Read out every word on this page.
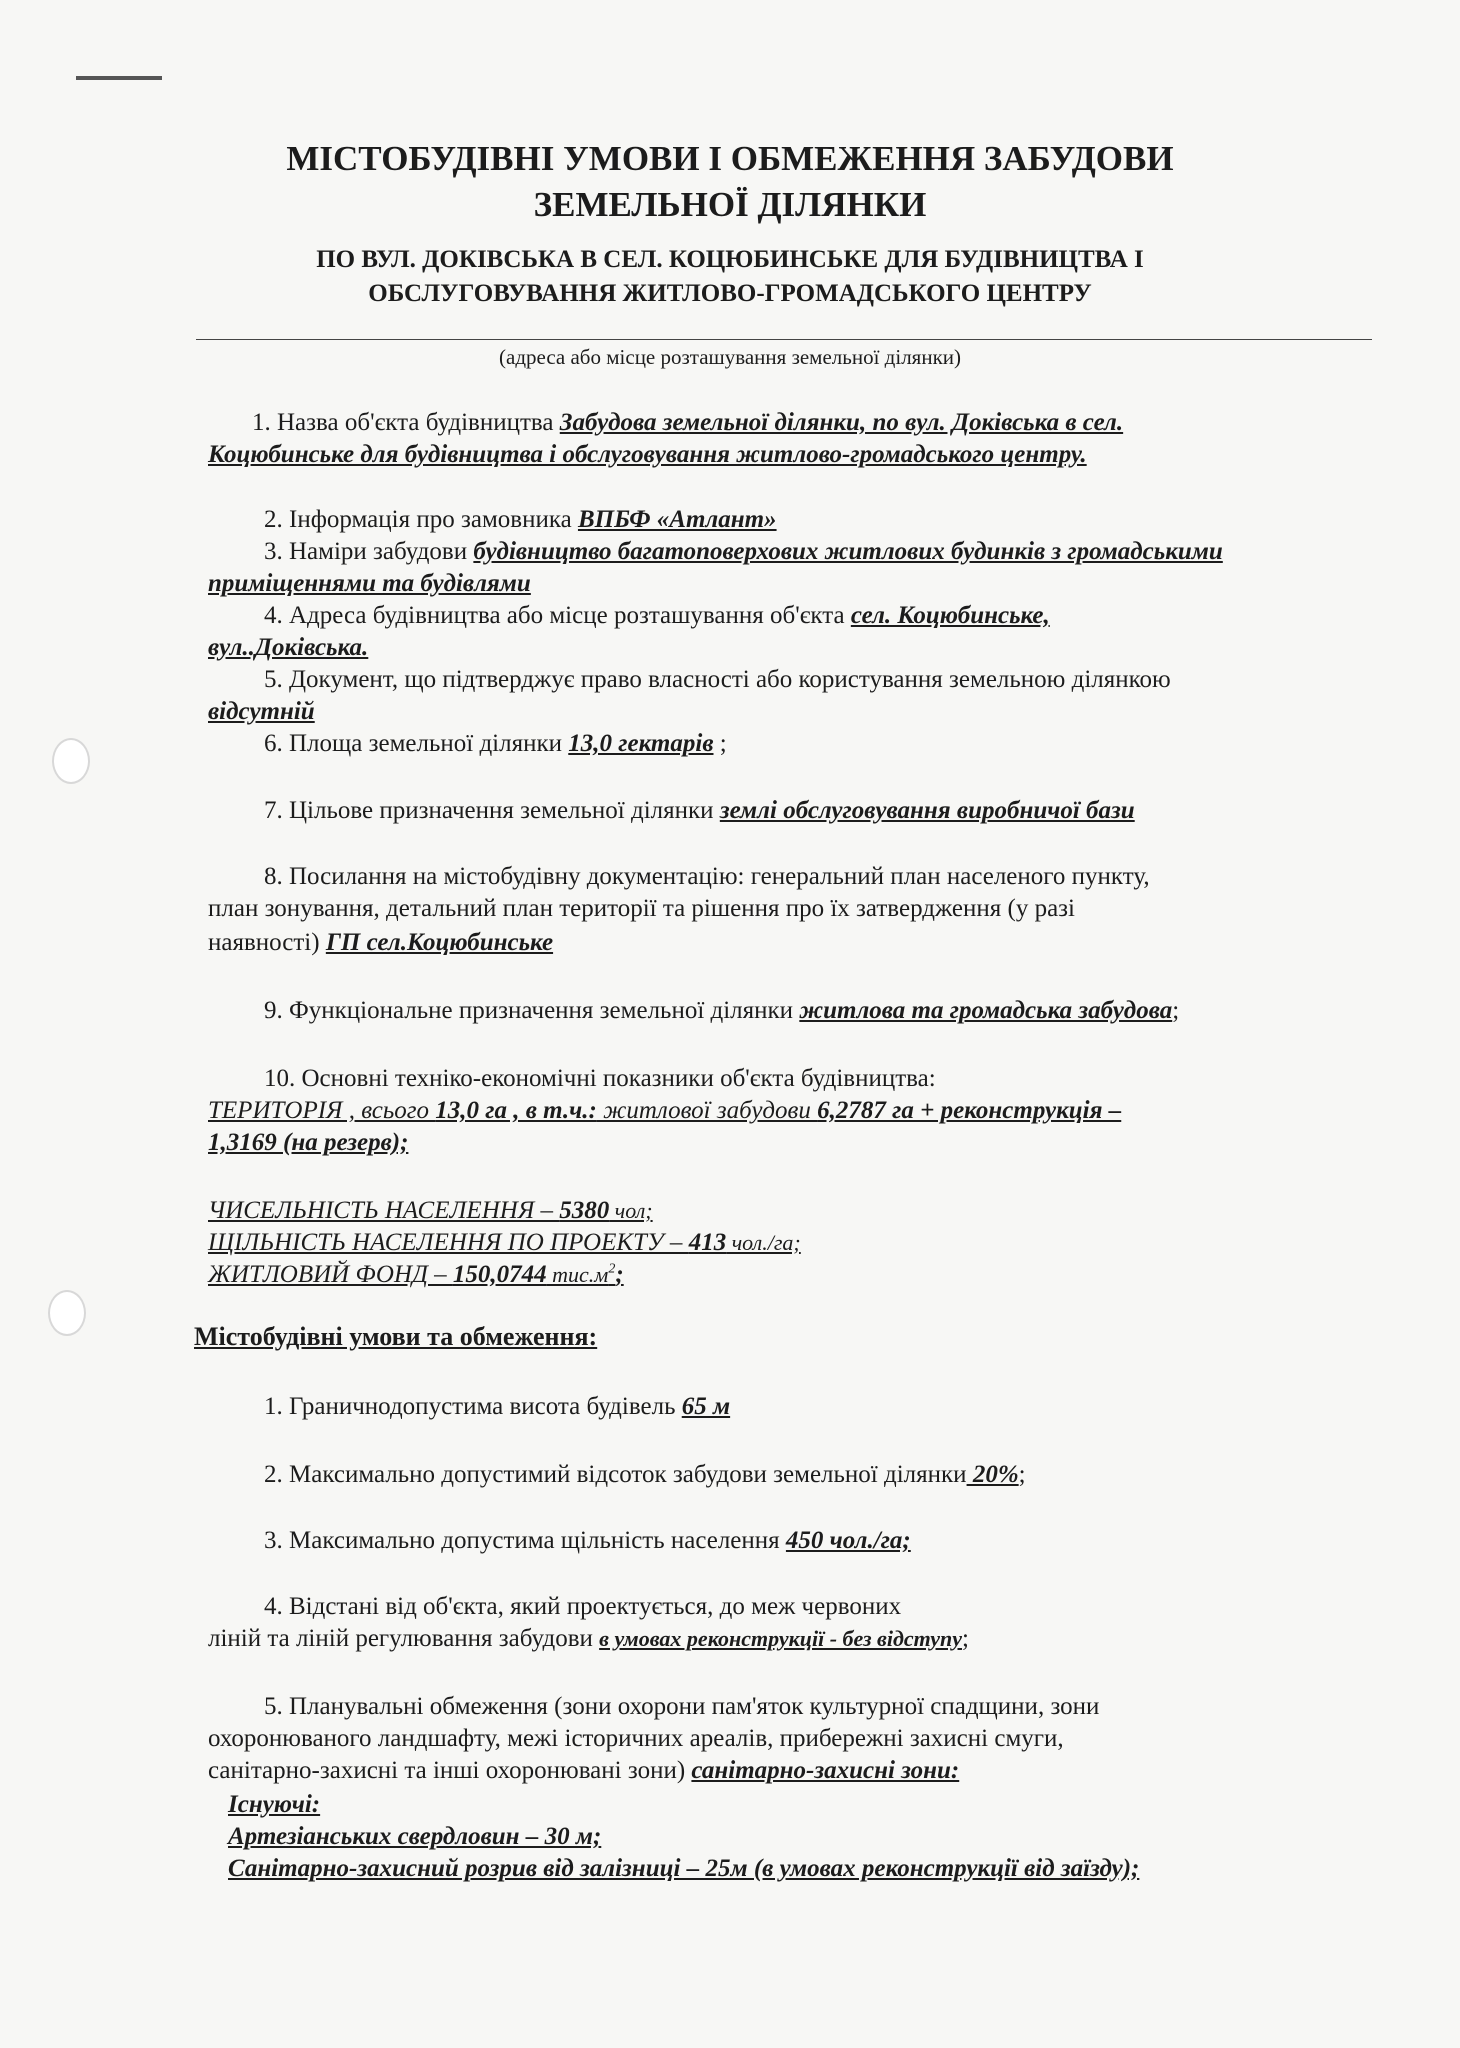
МІСТОБУДІВНІ УМОВИ І ОБМЕЖЕННЯ ЗАБУДОВИ
ЗЕМЕЛЬНОЇ ДІЛЯНКИ
ПО ВУЛ. ДОКІВСЬКА В СЕЛ. КОЦЮБИНСЬКЕ ДЛЯ БУДІВНИЦТВА І
ОБСЛУГОВУВАННЯ ЖИТЛОВО-ГРОМАДСЬКОГО ЦЕНТРУ
(адреса або місце розташування земельної ділянки)
1. Назва об'єкта будівництва Забудова земельної ділянки, по вул. Доківська в сел.
Коцюбинське для будівництва і обслуговування житлово-громадського центру.
2. Інформація про замовника ВПБФ «Атлант»
3. Наміри забудови будівництво багатоповерхових житлових будинків з громадськими
приміщеннями та будівлями
4. Адреса будівництва або місце розташування об'єкта сел. Коцюбинське,
вул..Доківська.
5. Документ, що підтверджує право власності або користування земельною ділянкою
відсутній
6. Площа земельної ділянки 13,0 гектарів ;
7. Цільове призначення земельної ділянки землі обслуговування виробничої бази
8. Посилання на містобудівну документацію: генеральний план населеного пункту,
план зонування, детальний план території та рішення про їх затвердження (у разі
наявності) ГП сел.Коцюбинське
9. Функціональне призначення земельної ділянки житлова та громадська забудова;
10. Основні техніко-економічні показники об'єкта будівництва:
ТЕРИТОРІЯ , всього 13,0 га , в т.ч.: житлової забудови 6,2787 га + реконструкція –
1,3169 (на резерв);
ЧИСЕЛЬНІСТЬ НАСЕЛЕННЯ – 5380 чол;
ЩІЛЬНІСТЬ НАСЕЛЕННЯ ПО ПРОЕКТУ – 413 чол./га;
ЖИТЛОВИЙ ФОНД – 150,0744 $тис.м^2$;
Містобудівні умови та обмеження:
1. Граничнодопустима висота будівель 65 м
2. Максимально допустимий відсоток забудови земельної ділянки 20%;
3. Максимально допустима щільність населення 450 чол./га;
4. Відстані від об'єкта, який проектується, до меж червоних
ліній та ліній регулювання забудови в умовах реконструкції - без відступу;
5. Планувальні обмеження (зони охорони пам'яток культурної спадщини, зони
охоронюваного ландшафту, межі історичних ареалів, прибережні захисні смуги,
санітарно-захисні та інші охоронювані зони) санітарно-захисні зони:
Існуючі:
Артезіанських свердловин – 30 м;
Санітарно-захисний розрив від залізниці – 25м (в умовах реконструкції від заїзду);
